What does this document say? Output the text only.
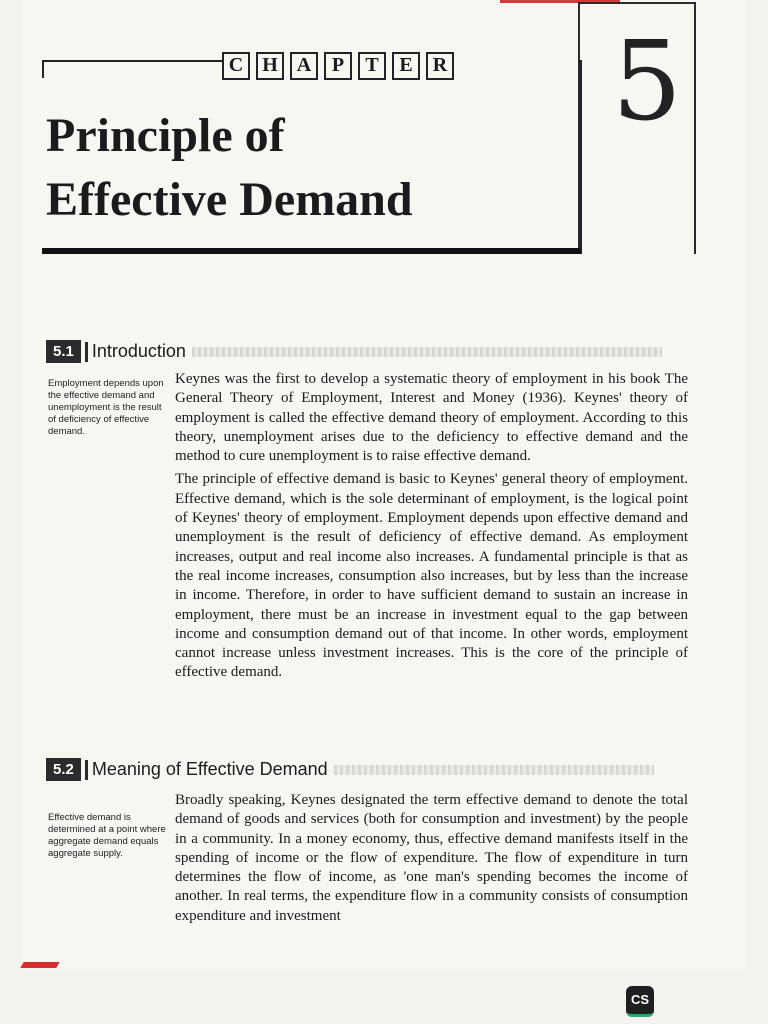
C H A	P	T	E	R 5
Principle of
Effective Demand
5.1	Introduction
Employment depends upon the effective demand and unemployment is the result of deficiency of effective demand.

Keynes was the first to develop a systematic theory of employment in his book The General Theory of Employment, Interest and Money (1936). Keynes' theory of employment is called the effective demand theory of employment. According to this theory, unemployment arises due to the deficiency to effective demand and the method to cure unemployment is to raise effective demand.

The principle of effective demand is basic to Keynes' general theory of employment. Effective demand, which is the sole determinant of employment, is the logical point of Keynes' theory of employment. Employment depends upon effective demand and unemployment is the result of deficiency of effective demand. As employment increases, output and real income also increases. A fundamental principle is that as the real income increases, consumption also increases, but by less than the increase in income. Therefore, in order to have sufficient demand to sustain an increase in employment, there must be an increase in investment equal to the gap between income and consumption demand out of that income. In other words, employment cannot increase unless investment increases. This is the core of the principle of effective demand.

5.2	Meaning of Effective Demand
Effective demand is determined at a point where aggregate demand equals aggregate supply.

Broadly speaking, Keynes designated the term effective demand to denote the total demand of goods and services (both for consumption and investment) by the people in a community. In a money economy, thus, effective demand manifests itself in the spending of income or the flow of expenditure. The flow of expenditure in turn determines the flow of income, as 'one man's spending becomes the income of another. In real terms, the expenditure flow in a community consists of consumption expenditure and investment

CS
